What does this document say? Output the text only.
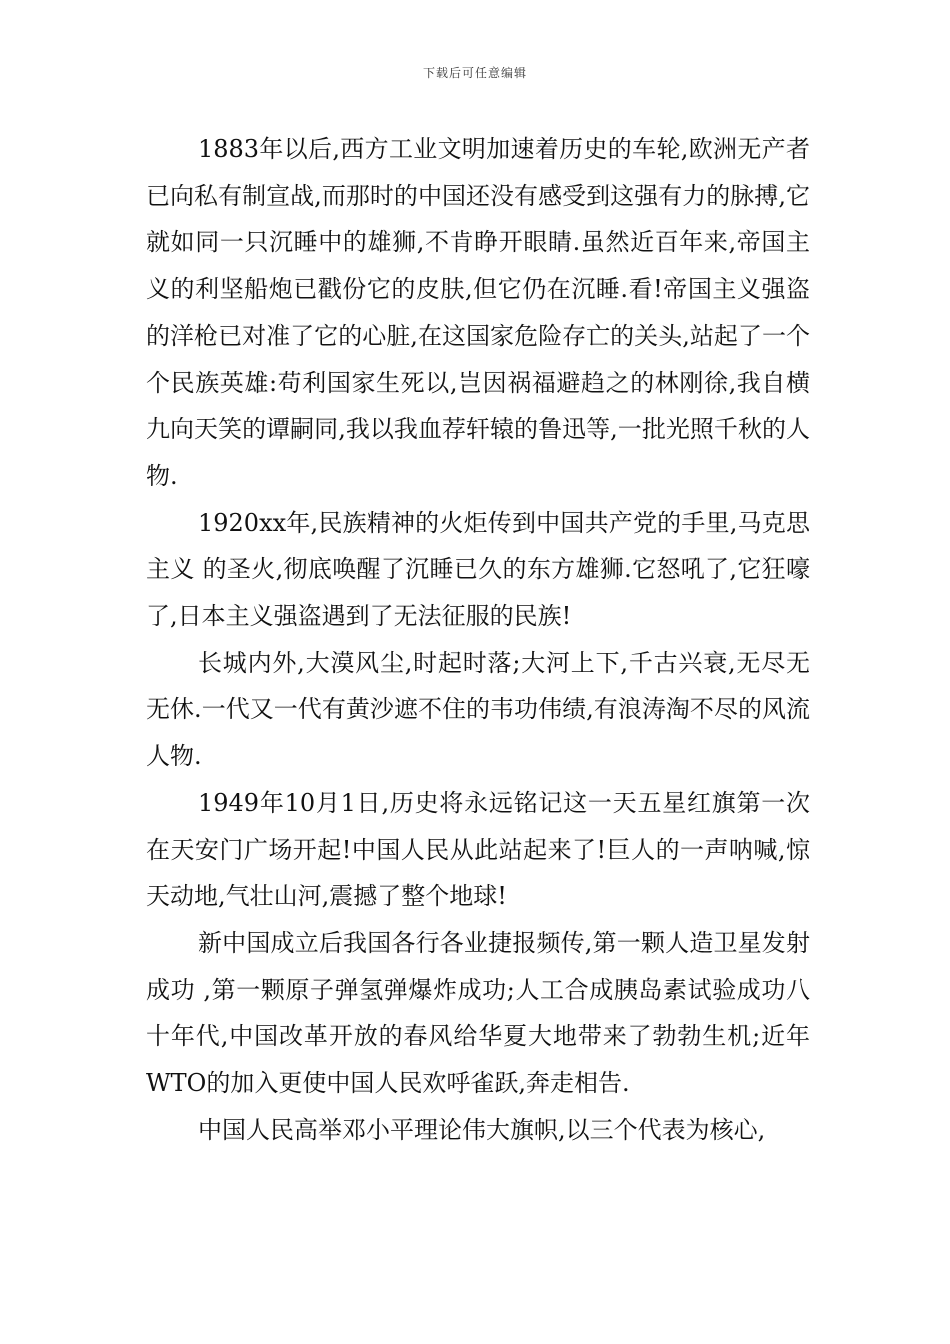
下载后可任意编辑

1883年以后,西方工业文明加速着历史的车轮,欧洲无产者已向私有制宣战,而那时的中国还没有感受到这强有力的脉搏,它就如同一只沉睡中的雄狮,不肯睁开眼睛.虽然近百年来,帝国主义的利坚船炮已戳份它的皮肤,但它仍在沉睡.看!帝国主义强盗的洋枪已对准了它的心脏,在这国家危险存亡的关头,站起了一个个民族英雄:苟利国家生死以,岂因祸福避趋之的林刚徐,我自横九向天笑的谭嗣同,我以我血荐轩辕的鲁迅等,一批光照千秋的人物.

1920xx年,民族精神的火炬传到中国共产党的手里,马克思主义 的圣火,彻底唤醒了沉睡已久的东方雄狮.它怒吼了,它狂嚎了,日本主义强盗遇到了无法征服的民族!

长城内外,大漠风尘,时起时落;大河上下,千古兴衰,无尽无无休.一代又一代有黄沙遮不住的韦功伟绩,有浪涛淘不尽的风流人物.

1949年10月1日,历史将永远铭记这一天五星红旗第一次在天安门广场开起!中国人民从此站起来了!巨人的一声呐喊,惊天动地,气壮山河,震撼了整个地球!

新中国成立后我国各行各业捷报频传,第一颗人造卫星发射成功 ,第一颗原子弹氢弹爆炸成功;人工合成胰岛素试验成功八十年代,中国改革开放的春风给华夏大地带来了勃勃生机;近年WTO的加入更使中国人民欢呼雀跃,奔走相告.

中国人民高举邓小平理论伟大旗帜,以三个代表为核心,
